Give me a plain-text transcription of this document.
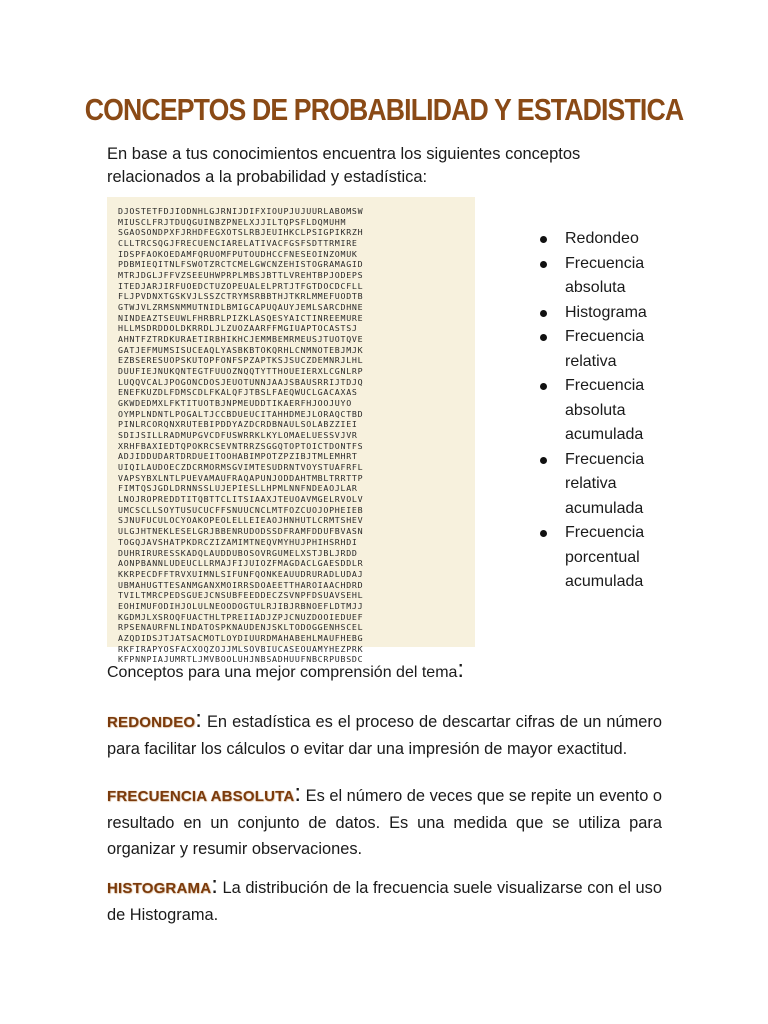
CONCEPTOS DE PROBABILIDAD Y ESTADISTICA

En base a tus conocimientos encuentra los siguientes conceptos relacionados a la probabilidad y estadística:

DJOSTETFDJIODNHLGJRNIJDIFXIOUPJUJUURLABOMSW
MIUSCLFRJTDUQGUINBZPNELXJJILTQPSFLDQMUHM
SGAOSONDPXFJRHDFEGXOTSLRBJEUIHKCLPSIGPIKRZH
CLLTRCSQGJFRECUENCIARELATIVACFGSFSDTTRMIRE
IDSPFAOKOEDAMFQRUOMFPUTOUDHCCFNESEOINZOMUK
PDBMIEQITNLFSWOTZRCTCMELGWCNZEHISTOGRAMAGID
MTRJDGLJFFVZSEEUHWPRPLMBSJBTTLVREHTBPJODEPS
ITEDJARJIRFUOEDCTUZOPEUALELPRTJTFGTDOCDCFLL
FLJPVDNXTGSKVJLSSZCTRYMSRBBTHJTKRLMMEFUODTB
GTWJVLZRMSNMMUTNIDLBMIGCAPUQAUYJEMLSARCDHNE
NINDEAZTSEUWLFHRBRLPIZKLASQESYAICTINREEMURE
HLLMSDRDDOLDKRRDLJLZUOZAARFFMGIUAPTOCASTSJ
AHNTFZTRDKURAETIRBHIKHCJEMMBEMRMEUSJTUOTQVE
GATJEFMUMSISUCEAQLYASBKBTOKQRHLCNMNOTEBJMJK
EZBSERESUOPSKUTOPFONFSPZAPTKSJSUCZDEMNRJLHL
DUUFIEJNUKQNTEGTFUUOZNQQTYTTHOUEIERXLCGNLRP
LUQQVCALJPOGONCDOSJEUOTUNNJAAJSBAUSRRIJTDJQ
ENEFKUZDLFDMSCDLFKALQFJTBSLFAEQWUCLGACAXAS
GKWDEDMXLFKTITUOTBJNPMEUDDTIKAERFHJOOJUYO
OYMPLNDNTLPOGALTJCCBDUEUCITAHHDMEJLORAQCTBD
PINLRCORQNXRUTEBIPDDYAZDCRDBNAULSOLABZZIEI
SDIJSILLRADMUPGVCDFUSWRRKLKYLOMAELUESSVJVR
XRHFBAXIEDTQPOKRCSEVNTRRZSGGQTOPTOICTDONTFS
ADJIDDUDARTDRDUEITOOHABIMPOTZPZIBJTMLEMHRT
UIQILAUDOECZDCRMORMSGVIMTESUDRNTVOYSTUAFRFL
VAPSYBXLNTLPUEVAMAUFRAQAPUNJODDAHTMBLTRRTTP
FIMTQSJGDLDRNNSSLUJEPIESLLHPMLNNFNDEAOJLAR
LNOJROPREDDTITQBTTCLITSIAAXJTEUOAVMGELRVOLV
UMCSCLLSOYTUSUCUCFFSNUUCNCLMTFOZCUOJOPHEIEB
SJNUFUCULOCYOAKOPEOLELLEIEAOJHNHUTLCRMTSHEV
ULGJHTNEKLESELGRJBBENRUDODSSDFRAMFDDUFBVASN
TOGQJAVSHATPKDRCZIZAMIMTNEQVMYHUJPHIHSRHDI
DUHRIRURESSKADQLAUDDUBOSOVRGUMELXSTJBLJRDD
AONPBANNLUDEUCLLRMAJFIJUIOZFMAGDACLGAESDDLR
KKRPECDFFTRVXUIMNLSIFUNFQONKEAUUDRURADLUDAJ
UBMAHUGTTESANMGANXMOIRRSDOAEETTHAROIAACHDRD
TVILTMRCPEDSGUEJCNSUBFEEDDECZSVNPFDSUAVSEHL
EOHIMUFODIHJOLULNEOODOGTULRJIBJRBNOEFLDTMJJ
KGDMJLXSROQFUACTHLTPREIIADJZPJCNUZDOOIEDUEF
RPSENAURFNLINDATOSPKNAUDENJSKLTODOGGENHSCEL
AZQDIDSJTJATSACMOTLOYDIUURDMAHABEHLMAUFHEBG
RKFIRAPYOSFACXOQZOJJMLSOVBIUCASEOUAMYHEZPRK
KFPNNPIAJUMRTLJMVBOOLUHJNBSADHUUFNBCRPUBSDC
Redondeo
Frecuencia absoluta
Histograma
Frecuencia relativa
Frecuencia absoluta acumulada
Frecuencia relativa acumulada
Frecuencia porcentual acumulada

Conceptos para una mejor comprensión del tema:

REDONDEO: En estadística es el proceso de descartar cifras de un número para facilitar los cálculos o evitar dar una impresión de mayor exactitud.

FRECUENCIA ABSOLUTA: Es el número de veces que se repite un evento o resultado en un conjunto de datos. Es una medida que se utiliza para organizar y resumir observaciones.

HISTOGRAMA: La distribución de la frecuencia suele visualizarse con el uso de Histograma.
